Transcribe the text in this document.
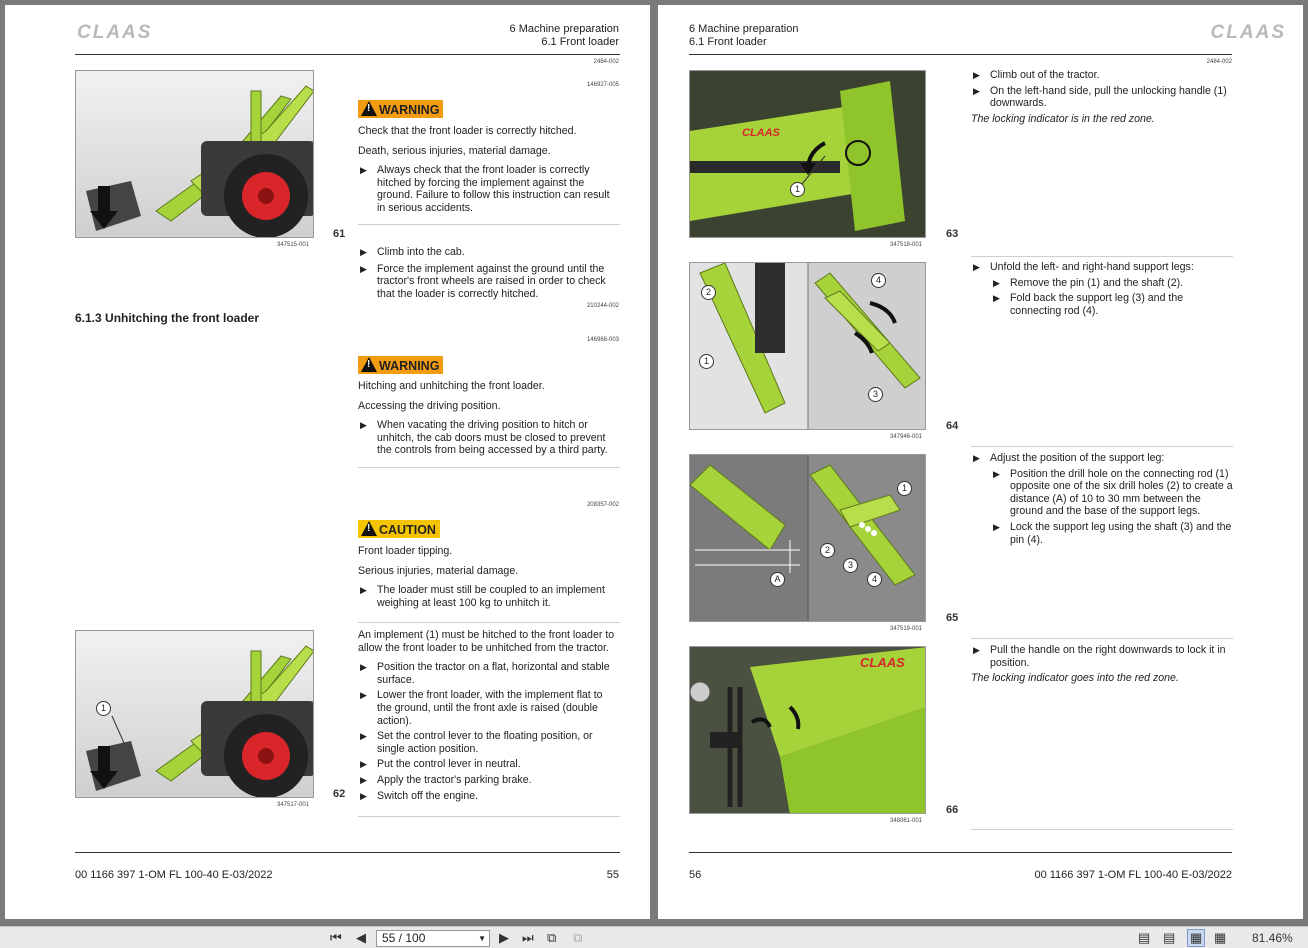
CLAAS	6 Machine preparation
6.1 Front loader
2484-002
347515-001
61
146927-005
!WARNING
Check that the front loader is correctly hitched.
Death, serious injuries, material damage.
▶ Always check that the front loader is correctly hitched by forcing the implement against the ground. Failure to follow this instruction can result in serious accidents.
▶ Climb into the cab.
▶ Force the implement against the ground until the tractor's front wheels are raised in order to check that the loader is correctly hitched.
210244-002
6.1.3 Unhitching the front loader
146968-003
!WARNING
Hitching and unhitching the front loader.
Accessing the driving position.
▶ When vacating the driving position to hitch or unhitch, the cab doors must be closed to prevent the controls from being accessed by a third party.
208357-002
!CAUTION
Front loader tipping.
Serious injuries, material damage.
▶ The loader must still be coupled to an implement weighing at least 100 kg to unhitch it.
1
347517-001
62
An implement (1) must be hitched to the front loader to allow the front loader to be unhitched from the tractor.
▶ Position the tractor on a flat, horizontal and stable surface.
▶ Lower the front loader, with the implement flat to the ground, until the front axle is raised (double action).
▶ Set the control lever to the floating position, or single action position.
▶ Put the control lever in neutral.
▶ Apply the tractor's parking brake.
▶ Switch off the engine.
00 1166 397 1-OM FL 100-40 E-03/2022	55
6 Machine preparation
6.1 Front loader	CLAAS
2484-002
CLAAS
1
347518-001
63
▶ Climb out of the tractor.
▶ On the left-hand side, pull the unlocking handle (1) downwards.
The locking indicator is in the red zone.
2
1
4
3
347946-001
64
▶ Unfold the left- and right-hand support legs:
▶ Remove the pin (1) and the shaft (2).
▶ Fold back the support leg (3) and the connecting rod (4).
1
2
3
4
A
347519-001
65
▶ Adjust the position of the support leg:
▶ Position the drill hole on the connecting rod (1) opposite one of the six drill holes (2) to create a distance (A) of 10 to 30 mm between the ground and the base of the support legs.
▶ Lock the support leg using the shaft (3) and the pin (4).
CLAAS
348061-001
66
▶ Pull the handle on the right downwards to lock it in position.
The locking indicator goes into the red zone.
56	00 1166 397 1-OM FL 100-40 E-03/2022
⏮ ◀	55 / 100	▼ ▶ ⏭ ⧉ ⧉	▤ ▤ ▦ ▦ 81.46%
